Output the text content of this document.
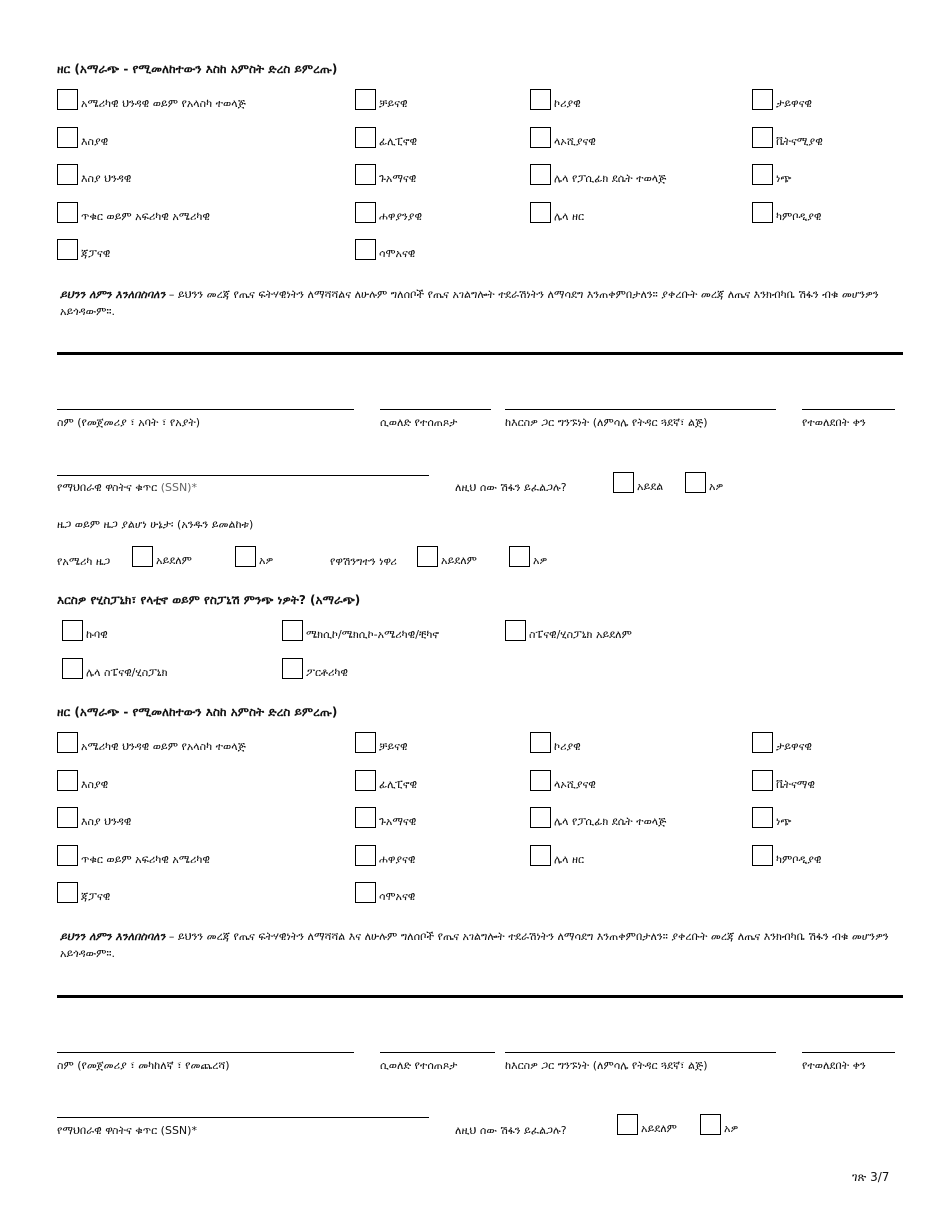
ዘር (አማራጭ - የሚመለከተውን እስከ አምስት ድረስ ይምረጡ)
አሜሪካዊ ህንዳዊ ወይም የአላስካ ተወላጅ	ቻይናዊ	ኮሪያዊ	ታይዋናዊ
እስያዊ	ፊሊፒኖዊ	ላኦሺያናዊ	ቬትናሚያዊ
እስያ ህንዳዊ	ጉአማናዊ	ሌላ የፓሲፊክ ደሴት ተወላጅ	ነጭ
ጥቁር ወይም አፍሪካዊ አሜሪካዊ	ሐዋያንያዊ	ሌላ ዘር	ካምቦዲያዊ
ጃፓናዊ	ሳሞአናዊ
ይህንን ለምን እንለበስባለን – ይህንን መረጃ የጤና ፍትሃዊነትን ለማሻሻልና ለሁሉም ግለሰቦች የጤና አገልግሎት ተደራሽነትን ለማሳደግ እንጠቀምበታለን። ያቀረቡት መረጃ ለጤና እንክብካቤ ሽፋን ብቁ መሆንዎን አይጎዳውም።.
ስም (የመጀመሪያ ፣ አባት ፣ የአያት)	ሲወለድ የተሰጠጾታ	ከእርስዎ ጋር ግንኙነት (ለምሳሌ የትዳር ጓደኛ፣ ልጅ)	የተወለደበት ቀን
የማህበራዊ ዋስትና ቁጥር (SSN)*	ለዚህ ሰው ሽፋን ይፈልጋሉ?	አይደል	አዎ
ዜጋ ወይም ዜጋ ያልሆነ ሁኔታ፡ (አንዱን ይመልከቱ)
የአሜሪካ ዜጋ	አይደለም	አዎ	የዋሽንግተን ነዋሪ	አይደለም	አዎ
እርስዎ የሂስፓኒክ፣ የላቲኖ ወይም የስፓኒሽ ምንጭ ነዎት? (አማራጭ)
ኩባዊ	ሜክሲኮ/ሜክሲኮ-አሜሪካዊ/ቺካኖ	ስፔናዊ/ሂስፓኒክ አይደለም
ሌላ ስፔናዊ/ሂስፓኒክ	ፖርቶሪካዊ
ዘር (አማራጭ - የሚመለከተውን እስከ አምስት ድረስ ይምረጡ)
አሜሪካዊ ህንዳዊ ወይም የአላስካ ተወላጅ	ቻይናዊ	ኮሪያዊ	ታይዋናዊ
እስያዊ	ፊሊፒኖዊ	ላኦሺያናዊ	ቬትናማዊ
እስያ ህንዳዊ	ጉአማናዊ	ሌላ የፓሲፊክ ደሴት ተወላጅ	ነጭ
ጥቁር ወይም አፍሪካዊ አሜሪካዊ	ሐዋያናዊ	ሌላ ዘር	ካምቦዲያዊ
ጃፓናዊ	ሳሞአናዊ
ይህንን ለምን እንለበስባለን – ይህንን መረጃ የጤና ፍትሃዊነትን ለማሻሻል እና ለሁሉም ግለሰቦች የጤና አገልግሎት ተደራሽነትን ለማሳደግ እንጠቀምበታለን። ያቀረቡት መረጃ ለጤና እንክብካቤ ሽፋን ብቁ መሆንዎን አይጎዳውም።.
ስም (የመጀመሪያ ፣ መካከለኛ ፣ የመጨረሻ)	ሲወለድ የተሰጠጾታ	ከእርስዎ ጋር ግንኙነት (ለምሳሌ የትዳር ጓደኛ፣ ልጅ)	የተወለደበት ቀን
የማህበራዊ ዋስትና ቁጥር (SSN)*	ለዚህ ሰው ሽፋን ይፈልጋሉ?	አይደለም	አዎ
ገጽ 3/7
